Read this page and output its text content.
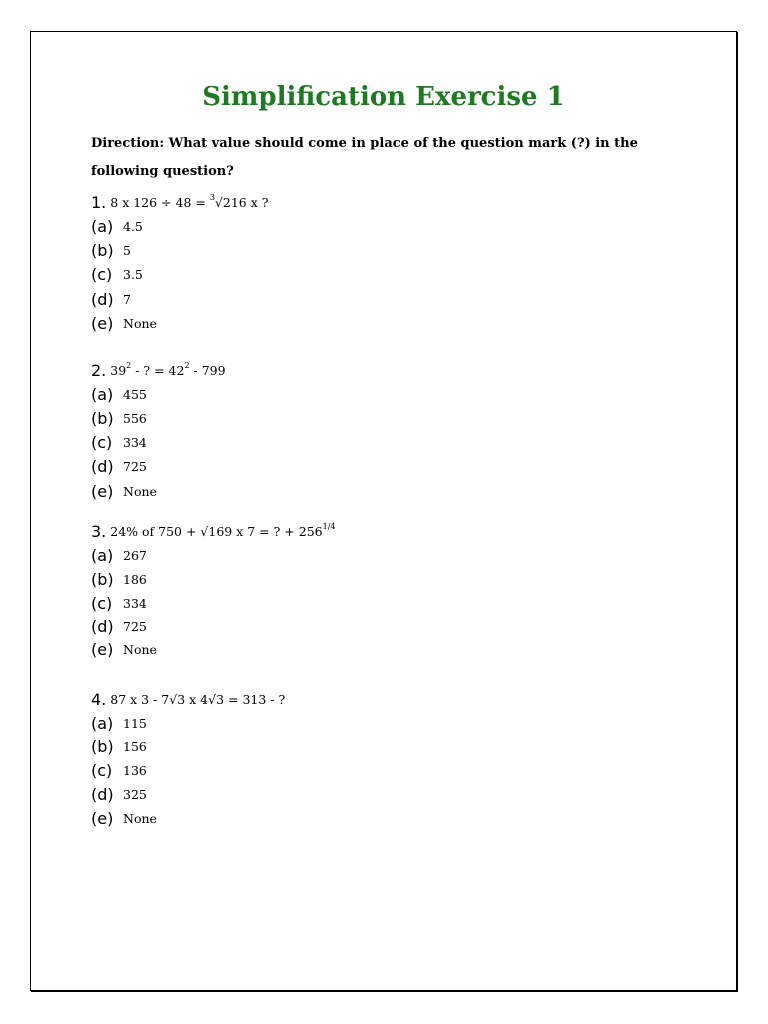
Simplification Exercise 1
Direction: What value should come in place of the question mark (?) in the following question?
1. 8 x 126 ÷ 48 = $^3$√216 x ?
(a) 4.5
(b) 5
(c) 3.5
(d) 7
(e) None
2. $39^2$ - ? = $42^2 - 799$
(a) 455
(b) 556
(c) 334
(d) 725
(e) None
3. 24% of 750 + √169 x 7 = ? + $256^{1/4}$
(a) 267
(b) 186
(c) 334
(d) 725
(e) None
4. 87 x 3 - 7√3 x 4√3 = 313 - ?
(a) 115
(b) 156
(c) 136
(d) 325
(e) None
